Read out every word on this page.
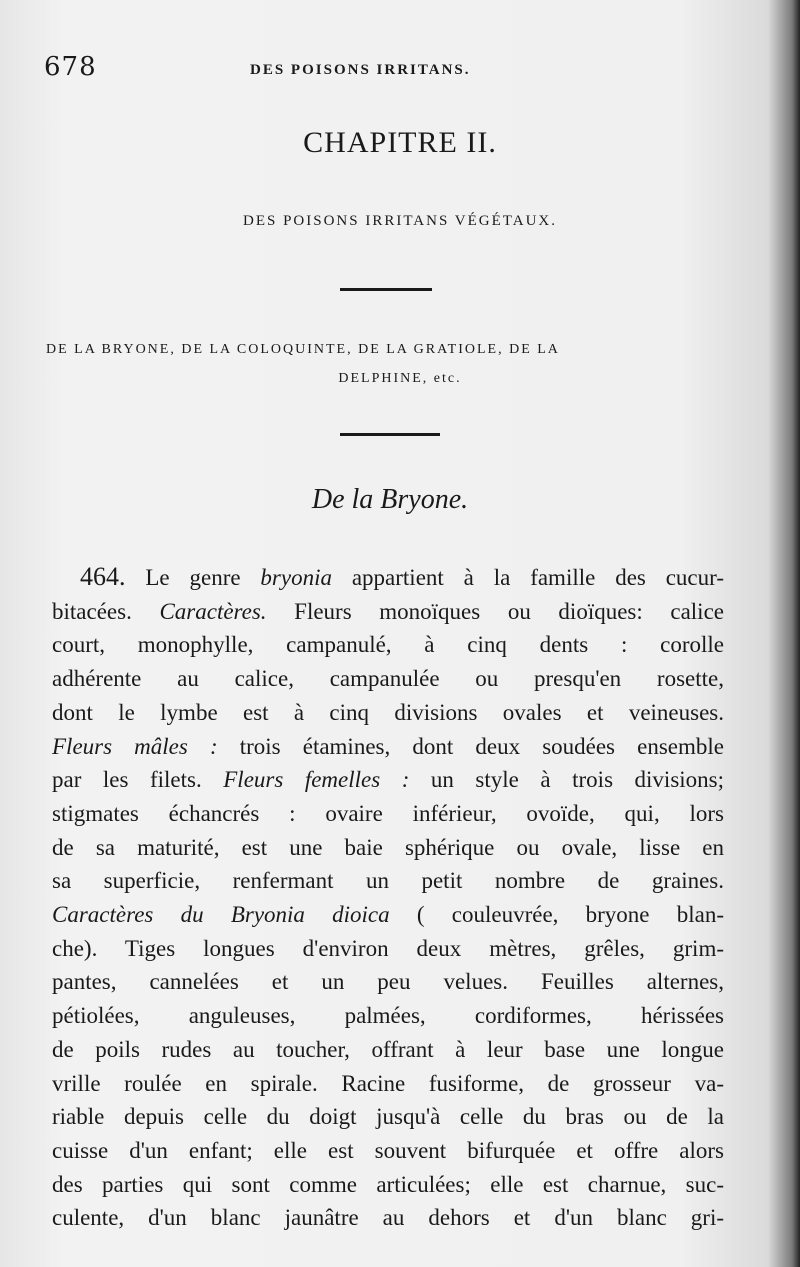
678	DES POISONS IRRITANS.
CHAPITRE II.
DES POISONS IRRITANS VÉGÉTAUX.
DE LA BRYONE, DE LA COLOQUINTE, DE LA GRATIOLE, DE LA
DELPHINE, etc.
De la Bryone.
464. Le genre bryonia appartient à la famille des cucur-
bitacées. Caractères. Fleurs monoïques ou dioïques: calice
court, monophylle, campanulé, à cinq dents : corolle
adhérente au calice, campanulée ou presqu'en rosette,
dont le lymbe est à cinq divisions ovales et veineuses.
Fleurs mâles : trois étamines, dont deux soudées ensemble
par les filets. Fleurs femelles : un style à trois divisions;
stigmates échancrés : ovaire inférieur, ovoïde, qui, lors
de sa maturité, est une baie sphérique ou ovale, lisse en
sa superficie, renfermant un petit nombre de graines.
Caractères du Bryonia dioica ( couleuvrée, bryone blan-
che). Tiges longues d'environ deux mètres, grêles, grim-
pantes, cannelées et un peu velues. Feuilles alternes,
pétiolées, anguleuses, palmées, cordiformes, hérissées
de poils rudes au toucher, offrant à leur base une longue
vrille roulée en spirale. Racine fusiforme, de grosseur va-
riable depuis celle du doigt jusqu'à celle du bras ou de la
cuisse d'un enfant; elle est souvent bifurquée et offre alors
des parties qui sont comme articulées; elle est charnue, suc-
culente, d'un blanc jaunâtre au dehors et d'un blanc gri-
